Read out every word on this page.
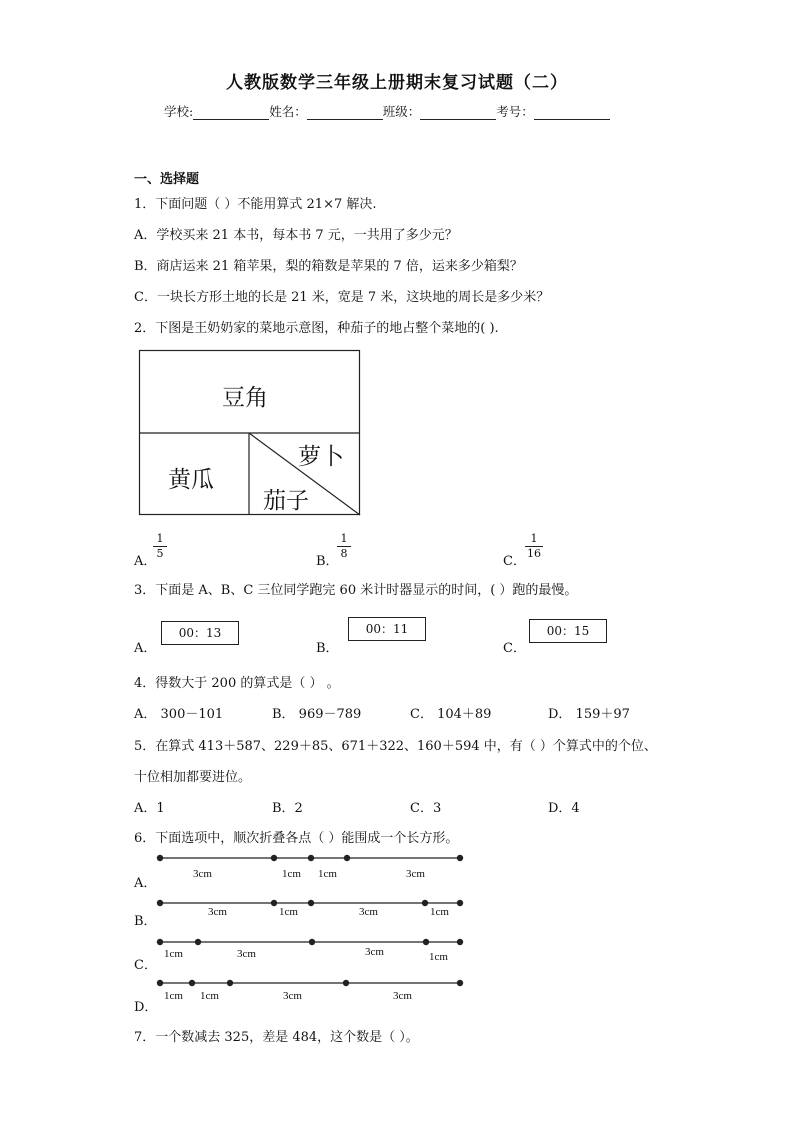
人教版数学三年级上册期末复习试题（二）
学校:	姓名：	班级：	考号：
一、选择题
1．下面问题（ ）不能用算式 21×7 解决.
A．学校买来 21 本书，每本书 7 元，一共用了多少元？
B．商店运来 21 箱苹果，梨的箱数是苹果的 7 倍，运来多少箱梨？
C．一块长方形土地的长是 21 米，宽是 7 米，这块地的周长是多少米？
2．下图是王奶奶家的菜地示意图，种茄子的地占整个菜地的( ).
豆角
黄瓜
萝卜
茄子
A．
1
5
B．
1
8
C．
1
16
3．下面是 A、B、C 三位同学跑完 60 米计时器显示的时间，( ）跑的最慢。
A．
00：13
B．
00：11
C．
00：15
4．得数大于 200 的算式是（ ） 。
A． 300－101	B． 969－789	C． 104＋89	D． 159＋97
5．在算式 413＋587、229＋85、671＋322、160＋594 中，有（ ）个算式中的个位、
十位相加都要进位。
A．1	B．2	C．3	D．4
6．下面选项中，顺次折叠各点（ ）能围成一个长方形。
A．
3cm	1cm 1cm	3cm
B．
3cm	1cm	3cm	1cm
C．
1cm	3cm	3cm	1cm
D．
1cm 1cm	3cm	3cm
7．一个数减去 325，差是 484，这个数是（ ）。
